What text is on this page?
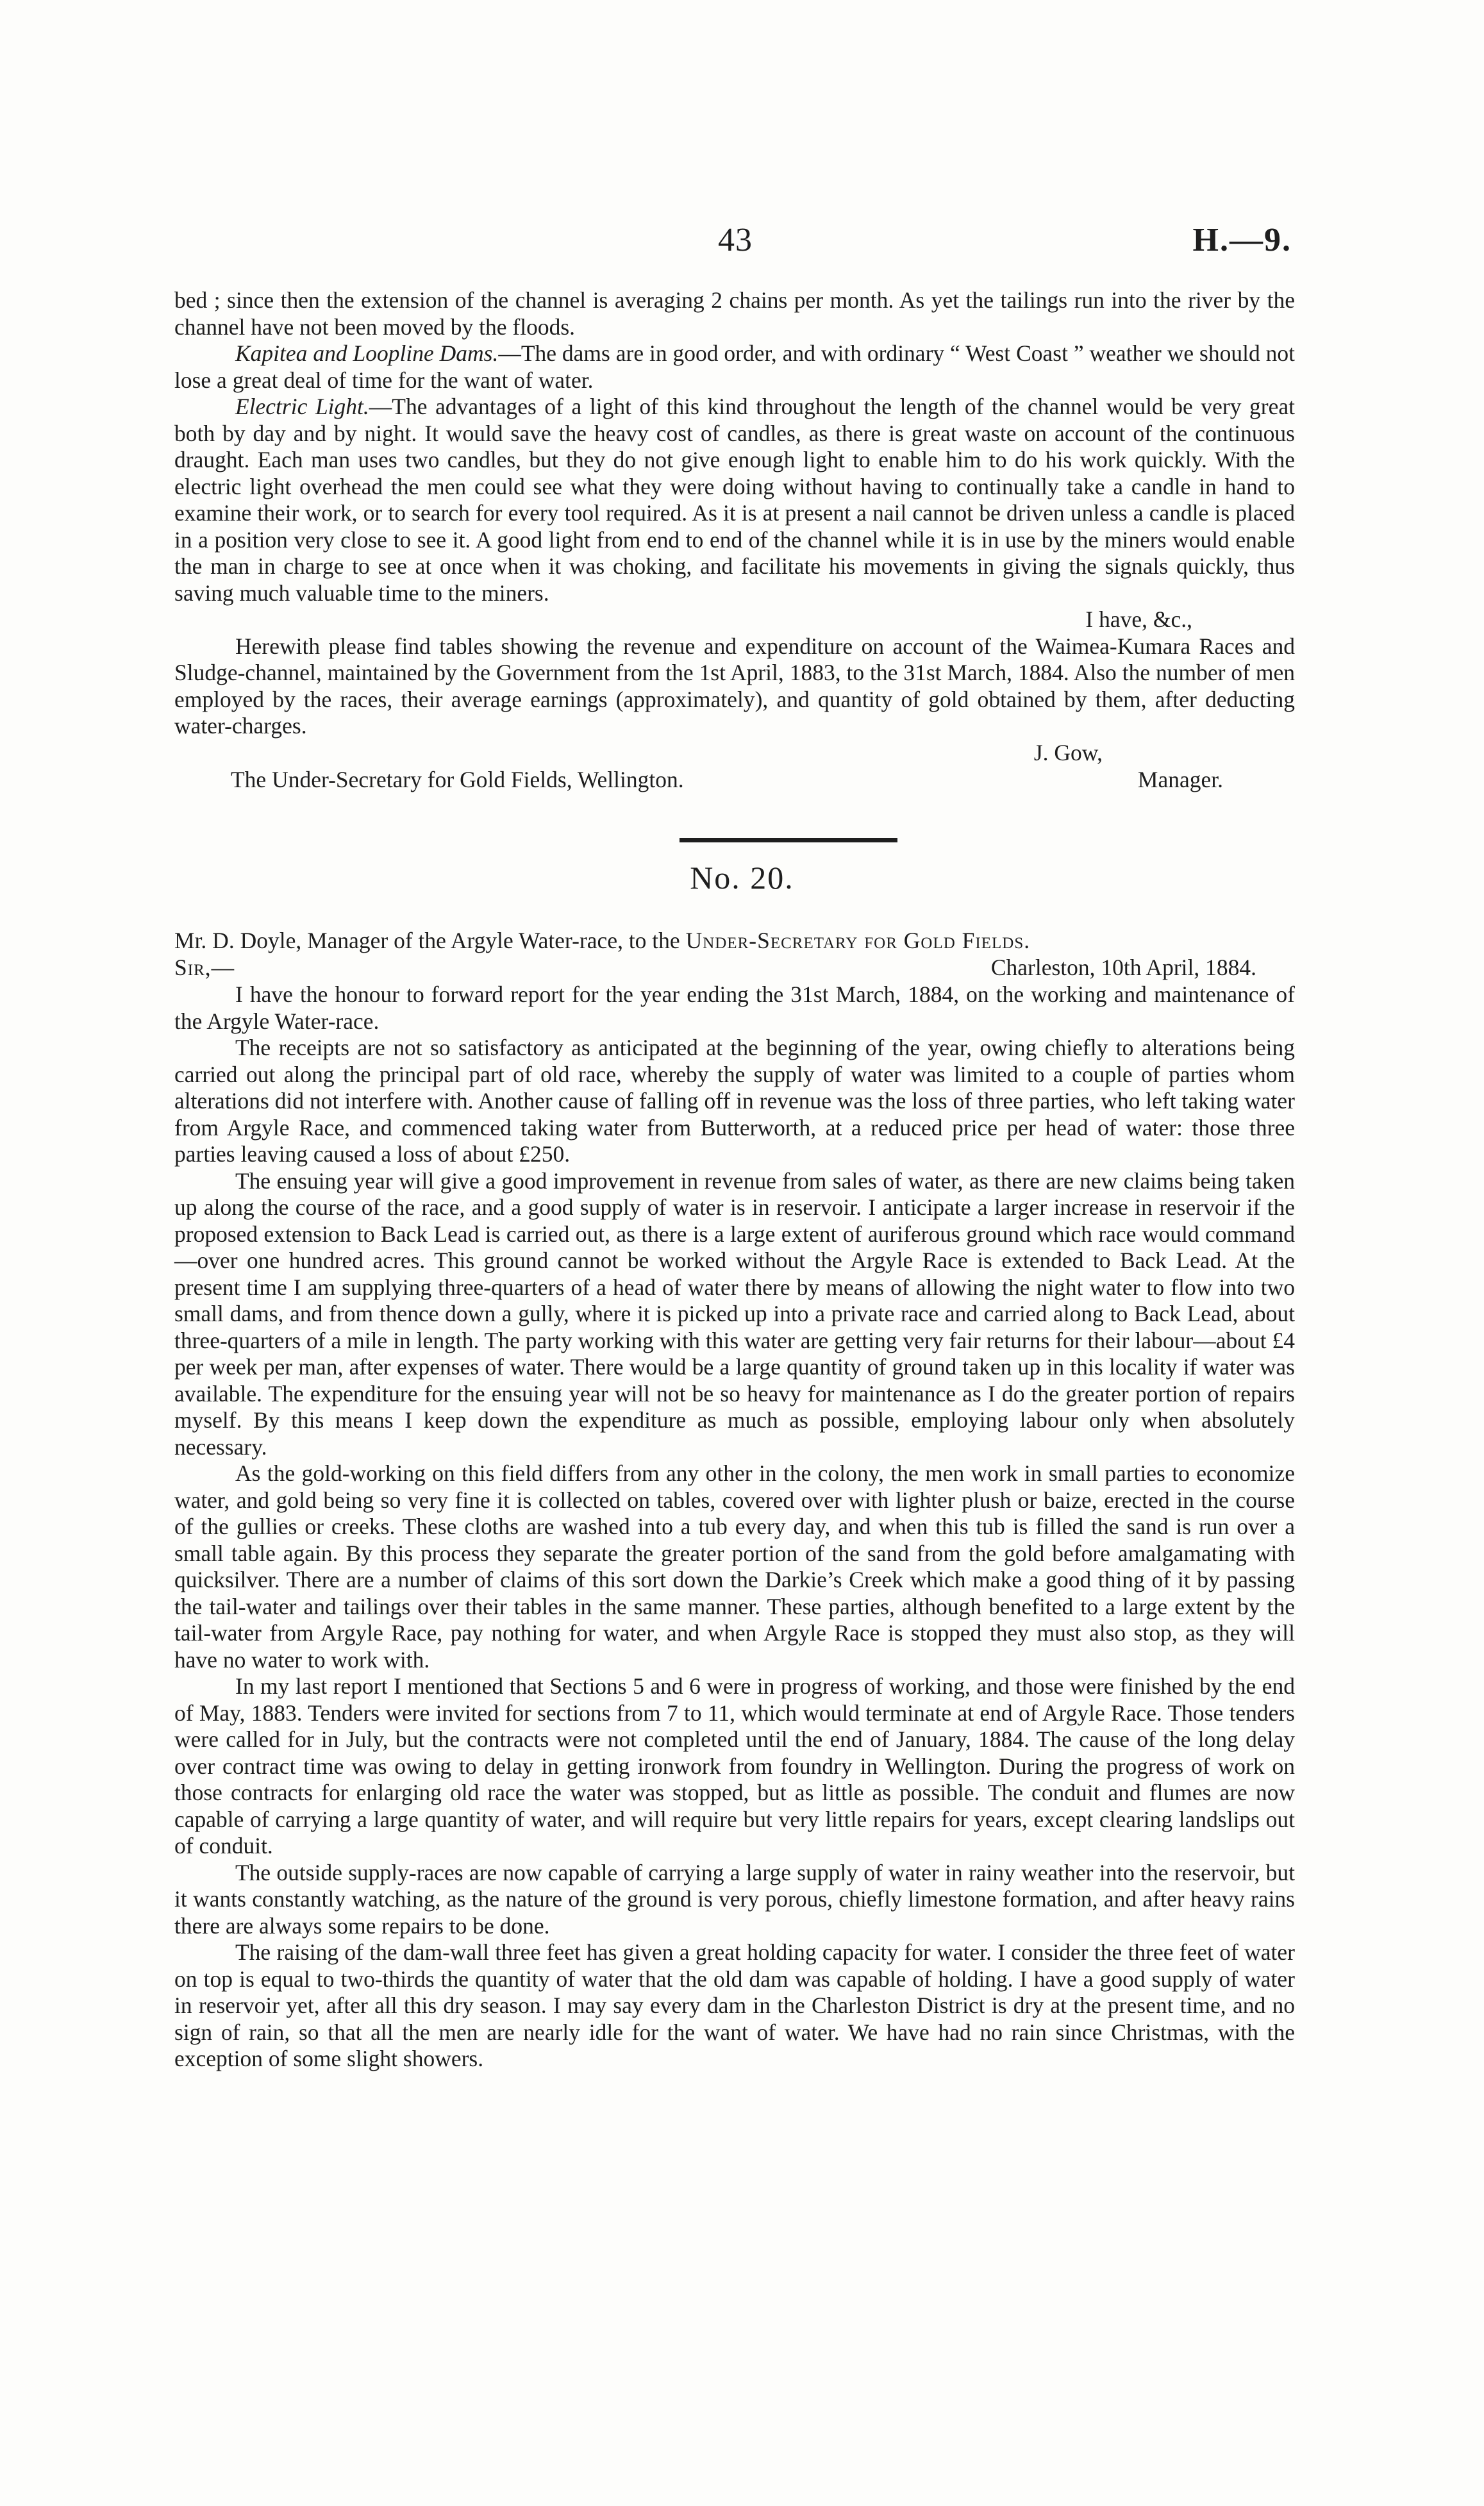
43	H.—9.

bed ; since then the extension of the channel is averaging 2 chains per month. As yet the tailings run into the river by the channel have not been moved by the floods.

Kapitea and Loopline Dams.—The dams are in good order, and with ordinary “ West Coast ” weather we should not lose a great deal of time for the want of water.

Electric Light.—The advantages of a light of this kind throughout the length of the channel would be very great both by day and by night. It would save the heavy cost of candles, as there is great waste on account of the continuous draught. Each man uses two candles, but they do not give enough light to enable him to do his work quickly. With the electric light overhead the men could see what they were doing without having to continually take a candle in hand to examine their work, or to search for every tool required. As it is at present a nail cannot be driven unless a candle is placed in a position very close to see it. A good light from end to end of the channel while it is in use by the miners would enable the man in charge to see at once when it was choking, and facilitate his movements in giving the signals quickly, thus saving much valuable time to the miners.

I have, &c.,

Herewith please find tables showing the revenue and expenditure on account of the Waimea-Kumara Races and Sludge-channel, maintained by the Government from the 1st April, 1883, to the 31st March, 1884. Also the number of men employed by the races, their average earnings (approximately), and quantity of gold obtained by them, after deducting water-charges.

J. Gow,
The Under-Secretary for Gold Fields, Wellington.	Manager.
No. 20.
Mr. D. Doyle, Manager of the Argyle Water-race, to the Under-Secretary for Gold Fields.
Sir,—	Charleston, 10th April, 1884.

I have the honour to forward report for the year ending the 31st March, 1884, on the working and maintenance of the Argyle Water-race.

The receipts are not so satisfactory as anticipated at the beginning of the year, owing chiefly to alterations being carried out along the principal part of old race, whereby the supply of water was limited to a couple of parties whom alterations did not interfere with. Another cause of falling off in revenue was the loss of three parties, who left taking water from Argyle Race, and commenced taking water from Butterworth, at a reduced price per head of water: those three parties leaving caused a loss of about £250.

The ensuing year will give a good improvement in revenue from sales of water, as there are new claims being taken up along the course of the race, and a good supply of water is in reservoir. I anticipate a larger increase in reservoir if the proposed extension to Back Lead is carried out, as there is a large extent of auriferous ground which race would command—over one hundred acres. This ground cannot be worked without the Argyle Race is extended to Back Lead. At the present time I am supplying three-quarters of a head of water there by means of allowing the night water to flow into two small dams, and from thence down a gully, where it is picked up into a private race and carried along to Back Lead, about three-quarters of a mile in length. The party working with this water are getting very fair returns for their labour—about £4 per week per man, after expenses of water. There would be a large quantity of ground taken up in this locality if water was available. The expenditure for the ensuing year will not be so heavy for maintenance as I do the greater portion of repairs myself. By this means I keep down the expenditure as much as possible, employing labour only when absolutely necessary.

As the gold-working on this field differs from any other in the colony, the men work in small parties to economize water, and gold being so very fine it is collected on tables, covered over with lighter plush or baize, erected in the course of the gullies or creeks. These cloths are washed into a tub every day, and when this tub is filled the sand is run over a small table again. By this process they separate the greater portion of the sand from the gold before amalgamating with quicksilver. There are a number of claims of this sort down the Darkie’s Creek which make a good thing of it by passing the tail-water and tailings over their tables in the same manner. These parties, although benefited to a large extent by the tail-water from Argyle Race, pay nothing for water, and when Argyle Race is stopped they must also stop, as they will have no water to work with.

In my last report I mentioned that Sections 5 and 6 were in progress of working, and those were finished by the end of May, 1883. Tenders were invited for sections from 7 to 11, which would terminate at end of Argyle Race. Those tenders were called for in July, but the contracts were not completed until the end of January, 1884. The cause of the long delay over contract time was owing to delay in getting ironwork from foundry in Wellington. During the progress of work on those contracts for enlarging old race the water was stopped, but as little as possible. The conduit and flumes are now capable of carrying a large quantity of water, and will require but very little repairs for years, except clearing landslips out of conduit.

The outside supply-races are now capable of carrying a large supply of water in rainy weather into the reservoir, but it wants constantly watching, as the nature of the ground is very porous, chiefly limestone formation, and after heavy rains there are always some repairs to be done.

The raising of the dam-wall three feet has given a great holding capacity for water. I consider the three feet of water on top is equal to two-thirds the quantity of water that the old dam was capable of holding. I have a good supply of water in reservoir yet, after all this dry season. I may say every dam in the Charleston District is dry at the present time, and no sign of rain, so that all the men are nearly idle for the want of water. We have had no rain since Christmas, with the exception of some slight showers.
